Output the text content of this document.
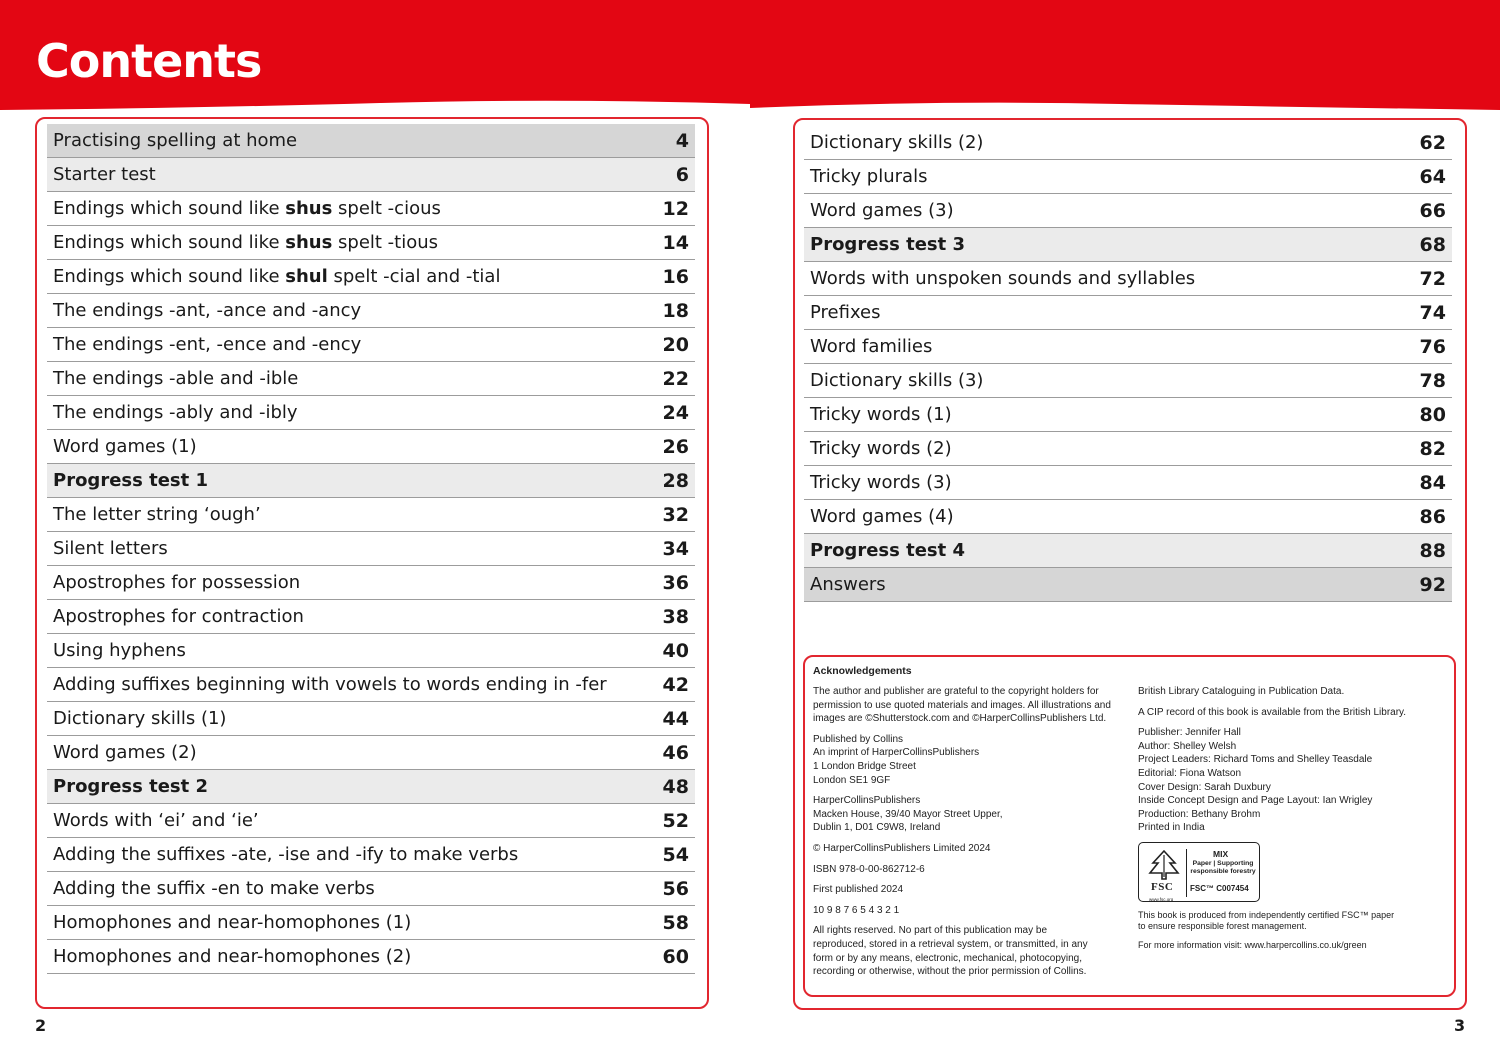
Contents
Practising spelling at home	4
Starter test	6
Endings which sound like shus spelt -cious	12
Endings which sound like shus spelt -tious	14
Endings which sound like shul spelt -cial and -tial	16
The endings -ant, -ance and -ancy	18
The endings -ent, -ence and -ency	20
The endings -able and -ible	22
The endings -ably and -ibly	24
Word games (1)	26
Progress test 1	28
The letter string ‘ough’	32
Silent letters	34
Apostrophes for possession	36
Apostrophes for contraction	38
Using hyphens	40
Adding suffixes beginning with vowels to words ending in -fer	42
Dictionary skills (1)	44
Word games (2)	46
Progress test 2	48
Words with ‘ei’ and ‘ie’	52
Adding the suffixes -ate, -ise and -ify to make verbs	54
Adding the suffix -en to make verbs	56
Homophones and near-homophones (1)	58
Homophones and near-homophones (2)	60
Dictionary skills (2)	62
Tricky plurals	64
Word games (3)	66
Progress test 3	68
Words with unspoken sounds and syllables	72
Prefixes	74
Word families	76
Dictionary skills (3)	78
Tricky words (1)	80
Tricky words (2)	82
Tricky words (3)	84
Word games (4)	86
Progress test 4	88
Answers	92
Acknowledgements

The author and publisher are grateful to the copyright holders for
permission to use quoted materials and images. All illustrations and
images are ©Shutterstock.com and ©HarperCollinsPublishers Ltd.

Published by Collins
An imprint of HarperCollinsPublishers
1 London Bridge Street
London SE1 9GF

HarperCollinsPublishers
Macken House, 39/40 Mayor Street Upper,
Dublin 1, D01 C9W8, Ireland

© HarperCollinsPublishers Limited 2024

ISBN 978-0-00-862712-6

First published 2024

10 9 8 7 6 5 4 3 2 1

All rights reserved. No part of this publication may be
reproduced, stored in a retrieval system, or transmitted, in any
form or by any means, electronic, mechanical, photocopying,
recording or otherwise, without the prior permission of Collins.

British Library Cataloguing in Publication Data.

A CIP record of this book is available from the British Library.

Publisher: Jennifer Hall
Author: Shelley Welsh
Project Leaders: Richard Toms and Shelley Teasdale
Editorial: Fiona Watson
Cover Design: Sarah Duxbury
Inside Concept Design and Page Layout: Ian Wrigley
Production: Bethany Brohm
Printed in India

FSC
www.fsc.org
MIX
Paper | Supporting responsible forestry
FSC™ C007454

This book is produced from independently certified FSC™ paper
to ensure responsible forest management.

For more information visit: www.harpercollins.co.uk/green

2	3
